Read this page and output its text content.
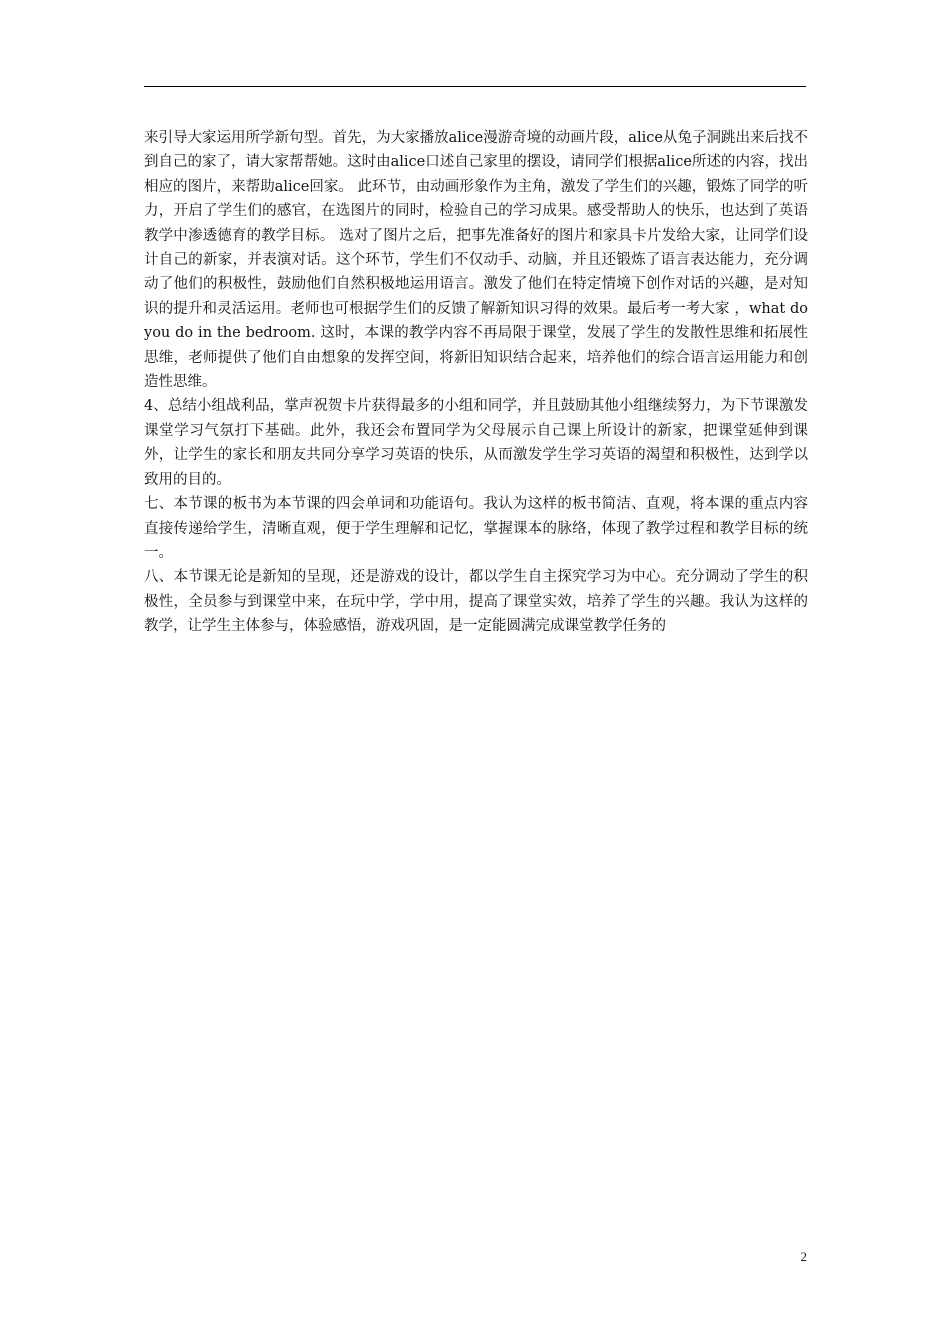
来引导大家运用所学新句型。首先，为大家播放alice漫游奇境的动画片段，alice从兔子洞跳出来后找不到自己的家了，请大家帮帮她。这时由alice口述自己家里的摆设，请同学们根据alice所述的内容，找出相应的图片，来帮助alice回家。 此环节，由动画形象作为主角，激发了学生们的兴趣，锻炼了同学的听力，开启了学生们的感官，在选图片的同时，检验自己的学习成果。感受帮助人的快乐，也达到了英语教学中渗透德育的教学目标。 选对了图片之后，把事先准备好的图片和家具卡片发给大家，让同学们设计自己的新家，并表演对话。这个环节，学生们不仅动手、动脑，并且还锻炼了语言表达能力，充分调动了他们的积极性，鼓励他们自然积极地运用语言。激发了他们在特定情境下创作对话的兴趣，是对知识的提升和灵活运用。老师也可根据学生们的反馈了解新知识习得的效果。最后考一考大家 ，what do you do in the bedroom. 这时，本课的教学内容不再局限于课堂，发展了学生的发散性思维和拓展性思维，老师提供了他们自由想象的发挥空间，将新旧知识结合起来，培养他们的综合语言运用能力和创造性思维。

4、总结小组战利品，掌声祝贺卡片获得最多的小组和同学，并且鼓励其他小组继续努力，为下节课激发课堂学习气氛打下基础。此外，我还会布置同学为父母展示自己课上所设计的新家，把课堂延伸到课外，让学生的家长和朋友共同分享学习英语的快乐，从而激发学生学习英语的渴望和积极性，达到学以致用的目的。

七、本节课的板书为本节课的四会单词和功能语句。我认为这样的板书简洁、直观，将本课的重点内容直接传递给学生，清晰直观，便于学生理解和记忆，掌握课本的脉络，体现了教学过程和教学目标的统一。

八、本节课无论是新知的呈现，还是游戏的设计，都以学生自主探究学习为中心。充分调动了学生的积极性，全员参与到课堂中来，在玩中学，学中用，提高了课堂实效，培养了学生的兴趣。我认为这样的教学，让学生主体参与，体验感悟，游戏巩固，是一定能圆满完成课堂教学任务的

2
